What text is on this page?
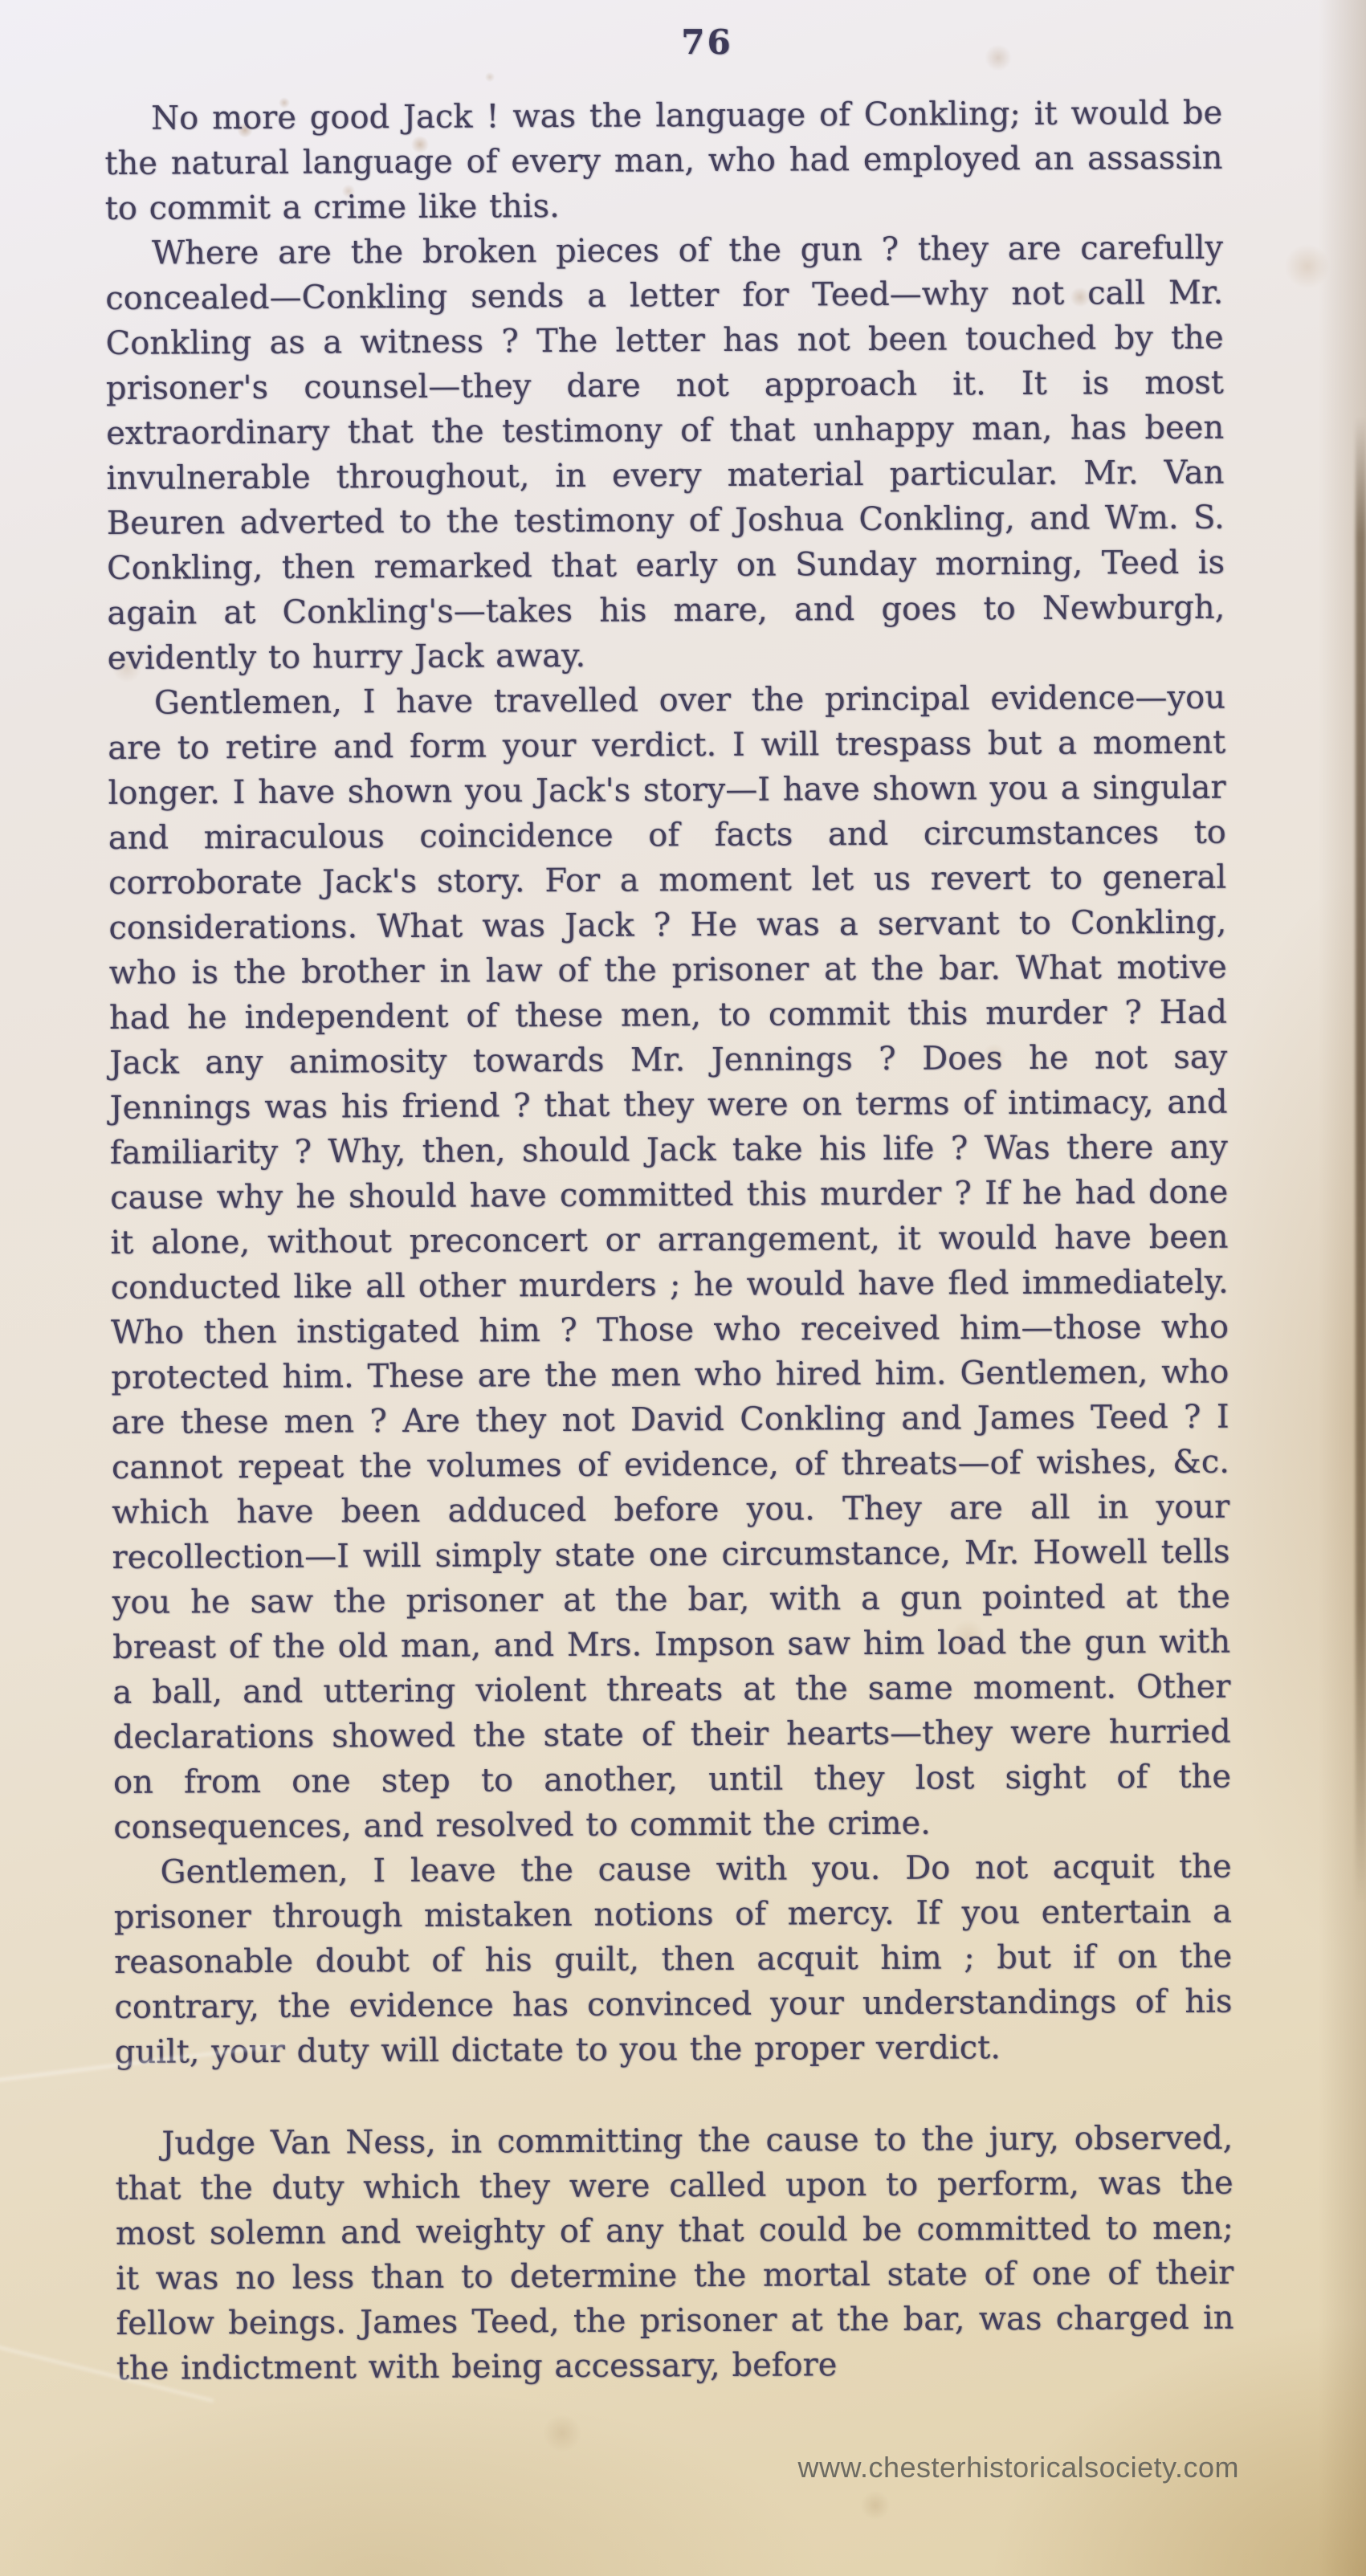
76

No more good Jack ! was the language of Conkling; it would be the natural language of every man, who had employed an assassin to commit a crime like this.

Where are the broken pieces of the gun ? they are carefully concealed—Conkling sends a letter for Teed—why not call Mr. Conkling as a witness ? The letter has not been touched by the prisoner's counsel—they dare not approach it. It is most extraordinary that the testimony of that unhappy man, has been invulnerable throughout, in every material particular. Mr. Van Beuren adverted to the testimony of Joshua Conkling, and Wm. S. Conkling, then remarked that early on Sunday morning, Teed is again at Conkling's—takes his mare, and goes to Newburgh, evidently to hurry Jack away.

Gentlemen, I have travelled over the principal evidence—you are to retire and form your verdict. I will trespass but a moment longer. I have shown you Jack's story—I have shown you a singular and miraculous coincidence of facts and circumstances to corroborate Jack's story. For a moment let us revert to general considerations. What was Jack ? He was a servant to Conkling, who is the brother in law of the prisoner at the bar. What motive had he independent of these men, to commit this murder ? Had Jack any animosity towards Mr. Jennings ? Does he not say Jennings was his friend ? that they were on terms of intimacy, and familiarity ? Why, then, should Jack take his life ? Was there any cause why he should have committed this murder ? If he had done it alone, without preconcert or arrangement, it would have been conducted like all other murders ; he would have fled immediately. Who then instigated him ? Those who received him—those who protected him. These are the men who hired him. Gentlemen, who are these men ? Are they not David Conkling and James Teed ? I cannot repeat the volumes of evidence, of threats—of wishes, &c. which have been adduced before you. They are all in your recollection—I will simply state one circumstance, Mr. Howell tells you he saw the prisoner at the bar, with a gun pointed at the breast of the old man, and Mrs. Impson saw him load the gun with a ball, and uttering violent threats at the same moment. Other declarations showed the state of their hearts—they were hurried on from one step to another, until they lost sight of the consequences, and resolved to commit the crime.

Gentlemen, I leave the cause with you. Do not acquit the prisoner through mistaken notions of mercy. If you entertain a reasonable doubt of his guilt, then acquit him ; but if on the contrary, the evidence has convinced your understandings of his guilt, your duty will dictate to you the proper verdict.

Judge Van Ness, in committing the cause to the jury, observed, that the duty which they were called upon to perform, was the most solemn and weighty of any that could be committed to men; it was no less than to determine the mortal state of one of their fellow beings. James Teed, the prisoner at the bar, was charged in the indictment with being accessary, before

www.chesterhistoricalsociety.com
